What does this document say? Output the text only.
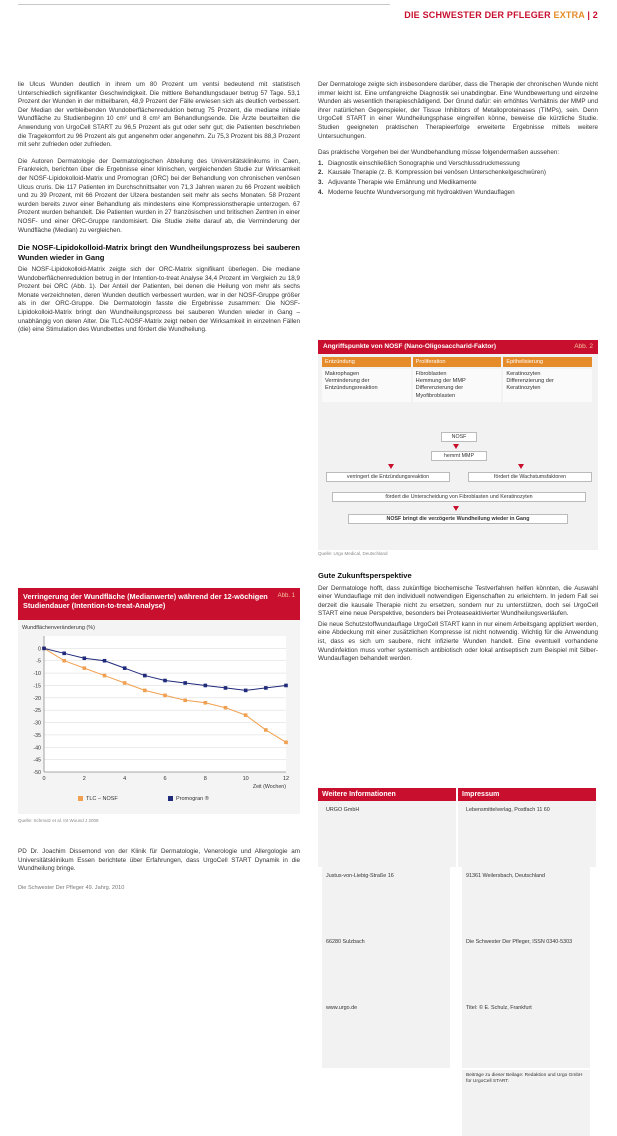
DIE SCHWESTER DER PFLEGER EXTRA | 2

lie Ulcus Wunden deutlich in ihrem um 80 Prozent um ventsi bedeutend mit statistisch Unterschiedlich signifikanter Geschwindigkeit. Die mittlere Behandlungsdauer betrug 57 Tage. 53,1 Prozent der Wunden in der mitteilbaren, 48,9 Prozent der Fälle erwiesen sich als deutlich verbessert. Der Median der verbleibenden Wundoberflächenreduktion betrug 75 Prozent, die mediane initiale Wundfläche zu Studienbeginn 10 cm² und 8 cm² am Behandlungsende. Die Ärzte beurteilten die Anwendung von UrgoCell START zu 96,5 Prozent als gut oder sehr gut; die Patienten beschrieben die Tragekomfort zu 96 Prozent als gut angenehm oder angenehm. Zu 75,3 Prozent bis 88,3 Prozent mit sehr zufrieden oder zufrieden.

Die Autoren Dermatologie der Dermatologischen Abteilung des Universitätsklinikums in Caen, Frankreich, berichten über die Ergebnisse einer klinischen, vergleichenden Studie zur Wirksamkeit der NOSF-Lipidokolloid-Matrix und Promogran (ORC) bei der Behandlung von chronischen venösen Ulcus cruris. Die 117 Patienten im Durchschnittsalter von 71,3 Jahren waren zu 66 Prozent weiblich und zu 39 Prozent, mit 66 Prozent der Ulzera bestanden seit mehr als sechs Monaten. 58 Prozent wurden bereits zuvor einer Behandlung als mindestens eine Kompressionstherapie unterzogen. 67 Prozent wurden behandelt. Die Patienten wurden in 27 französischen und britischen Zentren in einer NOSF- und einer ORC-Gruppe randomisiert. Die Studie zielte darauf ab, die Verminderung der Wundfläche (Median) zu vergleichen.

Die NOSF-Lipidokolloid-Matrix bringt den Wundheilungsprozess bei sauberen Wunden wieder in Gang

Die NOSF-Lipidokolloid-Matrix zeigte sich der ORC-Matrix signifikant überlegen. Die mediane Wundoberflächenreduktion betrug in der Intention-to-treat Analyse 34,4 Prozent im Vergleich zu 18,9 Prozent bei ORC (Abb. 1). Der Anteil der Patienten, bei denen die Heilung von mehr als sechs Monate verzeichneten, deren Wunden deutlich verbessert wurden, war in der NOSF-Gruppe größer als in der ORC-Gruppe. Die Dermatologin fasste die Ergebnisse zusammen: Die NOSF-Lipidokolloid-Matrix bringt den Wundheilungsprozess bei sauberen Wunden wieder in Gang – unabhängig von deren Alter. Die TLC-NOSF-Matrix zeigt neben der Wirksamkeit in einzelnen Fällen (die) eine Stimulation des Wundbettes und fördert die Wundheilung.

Der Dermatologe zeigte sich insbesondere darüber, dass die Therapie der chronischen Wunde nicht immer leicht ist. Eine umfangreiche Diagnostik sei unabdingbar. Eine Wundbewertung und einzelne Wunden als wesentlich therapieschädigend. Der Grund dafür: ein erhöhtes Verhältnis der MMP und ihrer natürlichen Gegenspieler, der Tissue Inhibitors of Metalloproteinases (TIMPs), sein. Denn UrgoCell START in einer Wundheilungsphase eingreifen könne, beweise die kürzliche Studie. Studien geeigneten praktischen Therapieerfolge erweiterte Ergebnisse mittels weitere Untersuchungen.

Das praktische Vorgehen bei der Wundbehandlung müsse folgendermaßen aussehen:

1. Diagnostik einschließlich Sonographie und Verschlussdruckmessung
2. Kausale Therapie (z. B. Kompression bei venösen Unterschenkelgeschwüren)
3. Adjuvante Therapie wie Ernährung und Medikamente
4. Moderne feuchte Wundversorgung mit hydroaktiven Wundauflagen
Angriffspunkte von NOSF (Nano-Oligosaccharid-Faktor)	Abb. 2
Entzündung	Proliferation	Epithelisierung
Makrophagen
Verminderung der Entzündungsreaktion
Fibroblasten
Hemmung der MMP
Differenzierung der Myofibroblasten
Keratinozyten
Differenzierung der Keratinozyten
NOSF
hemmt MMP
verringert die Entzündungsreaktion	fördert die Wachstumsfaktoren
fördert die Unterscheidung von Fibroblasten und Keratinozyten
NOSF bringt die verzögerte Wundheilung wieder in Gang
Quelle: Urgo Medical, Deutschland
Gute Zukunftsperspektive

Der Dermatologe hofft, dass zukünftige biochemische Testverfahren helfen könnten, die Auswahl einer Wundauflage mit den individuell notwendigen Eigenschaften zu erleichtern. In jedem Fall sei derzeit die kausale Therapie nicht zu ersetzen, sondern nur zu unterstützen, doch sei UrgoCell START eine neue Perspektive, besonders bei Proteaseaktivierter Wundheilungsverläufen.

Die neue Schutzstoffwundauflage UrgoCell START kann in nur einem Arbeitsgang appliziert werden, eine Abdeckung mit einer zusätzlichen Kompresse ist nicht notwendig. Wichtig für die Anwendung ist, dass es sich um saubere, nicht infizierte Wunden handelt. Eine eventuell vorhandene Wundinfektion muss vorher systemisch antibiotisch oder lokal antiseptisch zum Beispiel mit Silber-Wundauflagen behandelt werden.

Abb. 1
Verringerung der Wundfläche (Medianwerte) während der 12-wöchigen Studiendauer (Intention-to-treat-Analyse)
Wundflächenveränderung (%)
0
-5
-10
-15
-20
-25
-30
-35
-40
-45
-50
0	2	4	6	8	10	12
Zeit (Wochen)
TLC – NOSF	Promogran ®
Quelle: Schmutz et al. Int Wound J 2008

PD Dr. Joachim Dissemond von der Klinik für Dermatologie, Venerologie und Allergologie am Universitätsklinikum Essen berichtete über Erfahrungen, dass UrgoCell START Dynamik in die Wundheilung bringe.

Weitere Informationen	Impressum
URGO GmbH
Justus-von-Liebig-Straße 16
66280 Sulzbach
www.urgo.de
Lebensmittelverlag, Postfach 11 60
91361 Weilersbach, Deutschland
Die Schwester Der Pfleger, ISSN 0340-5303
Titel: © E. Schulz, Frankfurt
Beiträge zu dieser Beilage: Redaktion und Urgo GmbH für UrgoCell START.
Die Schwester Der Pfleger 49. Jahrg. 2010
